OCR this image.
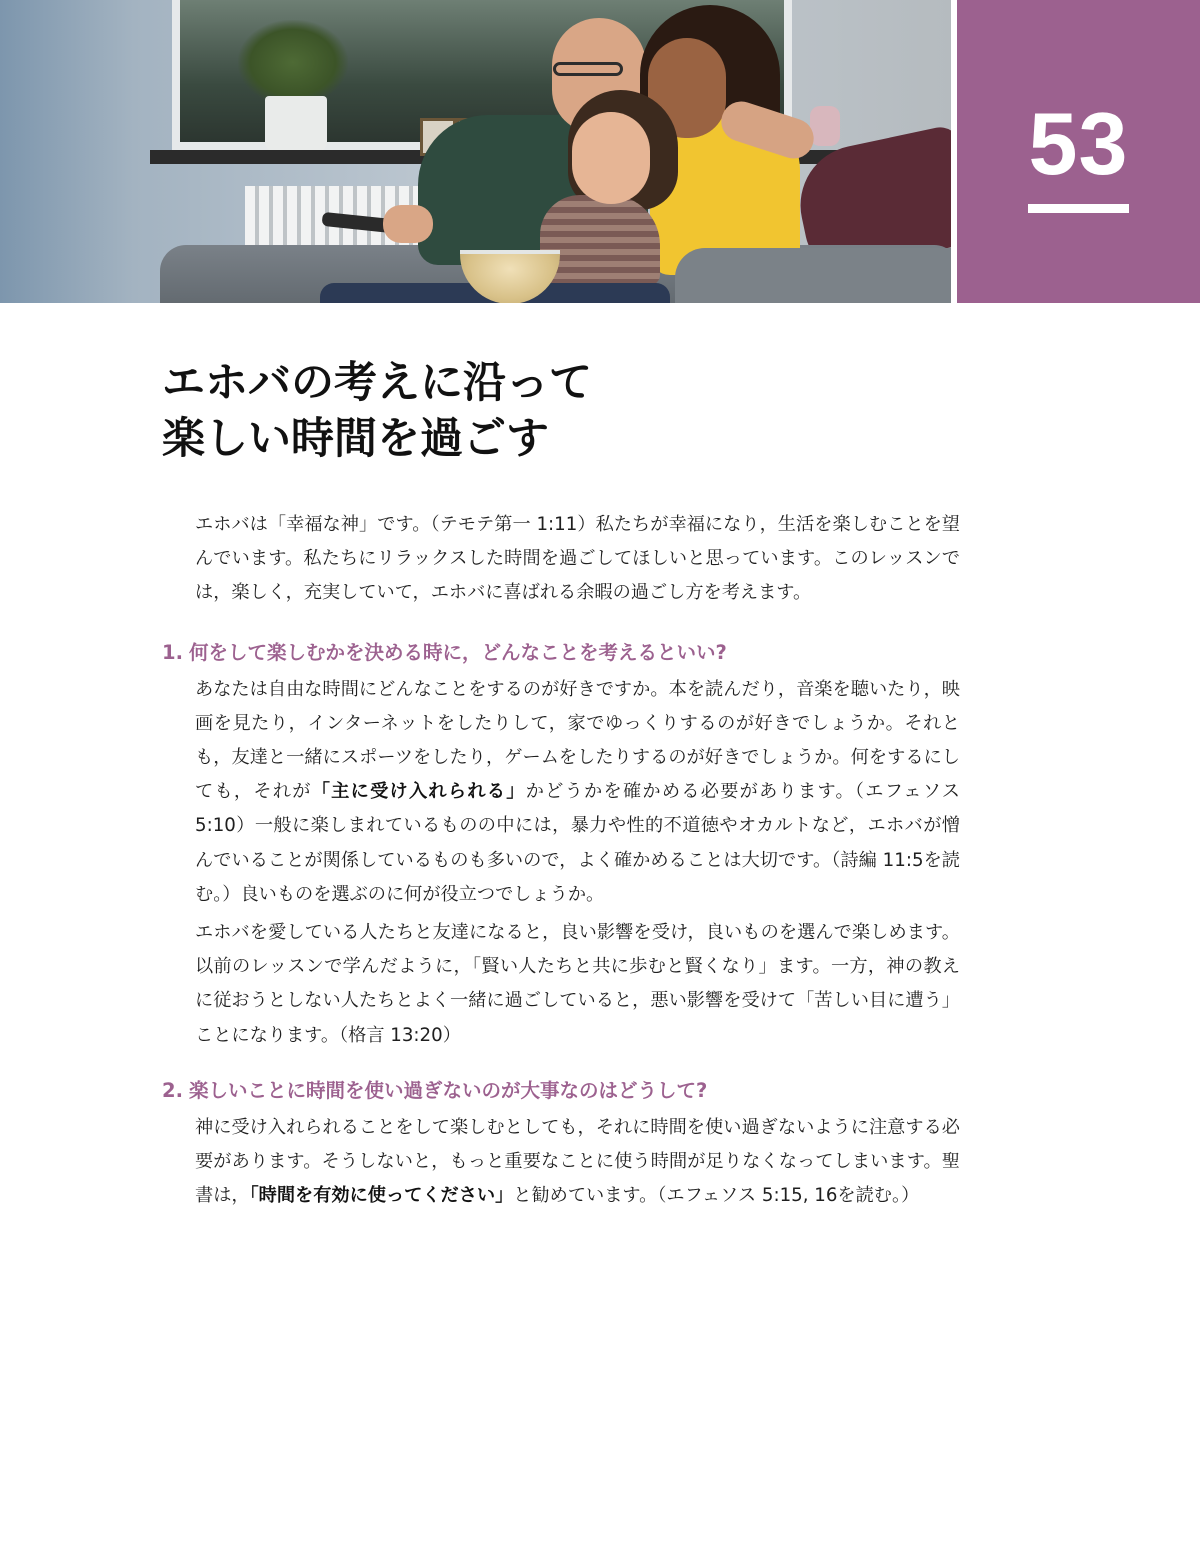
53
エホバの考えに沿って
楽しい時間を過ごす

エホバは「幸福な神」です。（テモテ第一 1:11）私たちが幸福になり，生活を楽しむことを望んでいます。私たちにリラックスした時間を過ごしてほしいと思っています。このレッスンでは，楽しく，充実していて，エホバに喜ばれる余暇の過ごし方を考えます。

1. 何をして楽しむかを決める時に，どんなことを考えるといい?

あなたは自由な時間にどんなことをするのが好きですか。本を読んだり，音楽を聴いたり，映画を見たり，インターネットをしたりして，家でゆっくりするのが好きでしょうか。それとも，友達と一緒にスポーツをしたり，ゲームをしたりするのが好きでしょうか。何をするにしても，それが「主に受け入れられる」かどうかを確かめる必要があります。（エフェソス 5:10）一般に楽しまれているものの中には，暴力や性的不道徳やオカルトなど，エホバが憎んでいることが関係しているものも多いので，よく確かめることは大切です。（詩編 11:5を読む。）良いものを選ぶのに何が役立つでしょうか。

エホバを愛している人たちと友達になると，良い影響を受け，良いものを選んで楽しめます。以前のレッスンで学んだように，「賢い人たちと共に歩むと賢くなり」ます。一方，神の教えに従おうとしない人たちとよく一緒に過ごしていると，悪い影響を受けて「苦しい目に遭う」ことになります。（格言 13:20）

2. 楽しいことに時間を使い過ぎないのが大事なのはどうして?

神に受け入れられることをして楽しむとしても，それに時間を使い過ぎないように注意する必要があります。そうしないと，もっと重要なことに使う時間が足りなくなってしまいます。聖書は，「時間を有効に使ってください」と勧めています。（エフェソス 5:15, 16を読む。）
